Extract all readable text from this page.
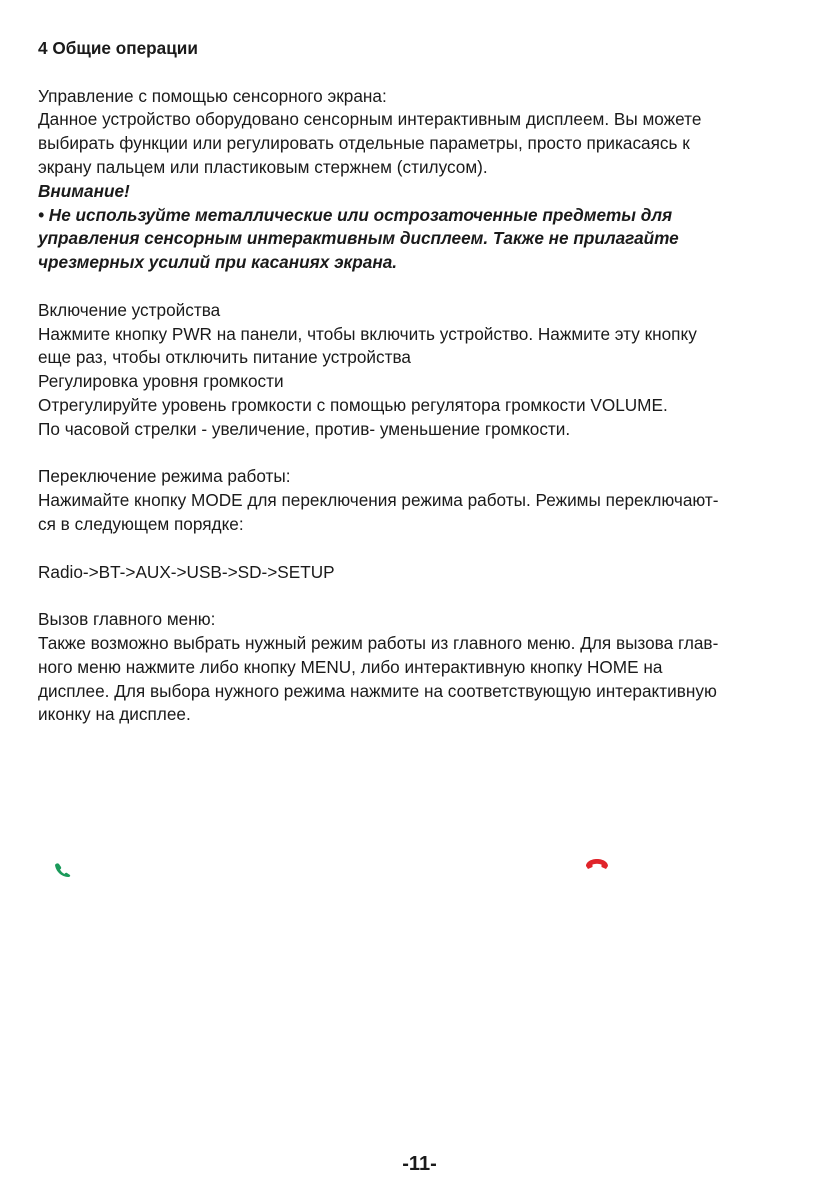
4 Общие операции
Управление с помощью сенсорного экрана:
Данное устройство оборудовано сенсорным интерактивным дисплеем. Вы можете
выбирать функции или регулировать отдельные параметры, просто прикасаясь к
экрану пальцем или пластиковым стержнем (стилусом).
Внимание!
• Не используйте металлические или острозаточенные предметы для
управления сенсорным интерактивным дисплеем. Также не прилагайте
чрезмерных усилий при касаниях экрана.
Включение устройства
Нажмите кнопку PWR на панели, чтобы включить устройство. Нажмите эту кнопку
еще раз, чтобы отключить питание устройства
Регулировка уровня громкости
Отрегулируйте уровень громкости с помощью регулятора громкости VOLUME.
По часовой стрелки - увеличение, против- уменьшение громкости.
Переключение режима работы:
Нажимайте кнопку MODE для переключения режима работы. Режимы переключают-
ся в следующем порядке:
Radio->BT->AUX->USB->SD->SETUP
Вызов главного меню:
Также возможно выбрать нужный режим работы из главного меню. Для вызова глав-
ного меню нажмите либо кнопку MENU, либо интерактивную кнопку HOME на
дисплее. Для выбора нужного режима нажмите на соответствующую интерактивную
иконку на дисплее.
-11-
